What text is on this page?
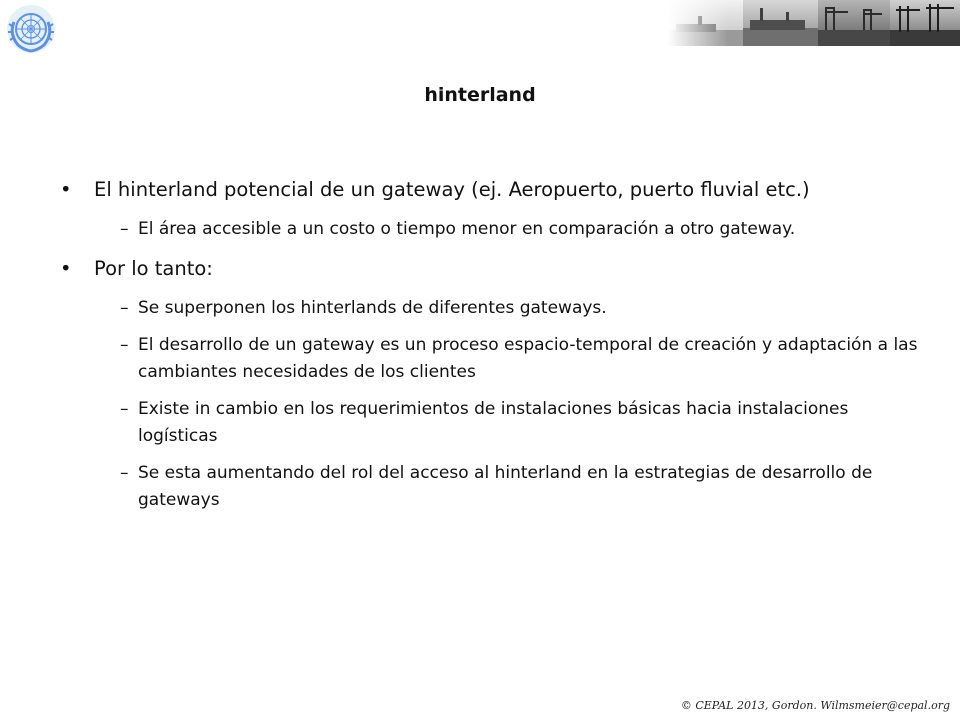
hinterland
• El hinterland potencial de un gateway (ej. Aeropuerto, puerto fluvial etc.)
– El área accesible a un costo o tiempo menor en comparación a otro gateway.
• Por lo tanto:
– Se superponen los hinterlands de diferentes gateways.
– El desarrollo de un gateway es un proceso espacio-temporal de creación y adaptación a las cambiantes necesidades de los clientes
– Existe in cambio en los requerimientos de instalaciones básicas hacia instalaciones logísticas
– Se esta aumentando del rol del acceso al hinterland en la estrategias de desarrollo de gateways
© CEPAL 2013, Gordon. Wilmsmeier@cepal.org
